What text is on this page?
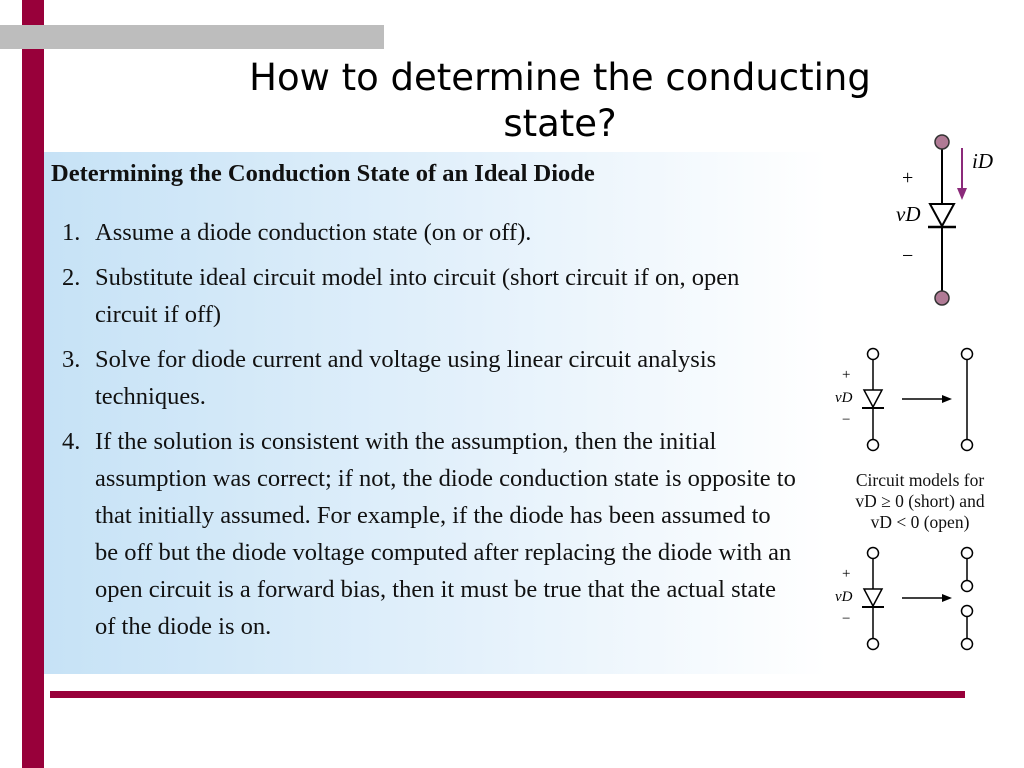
How to determine the conducting state?
Determining the Conduction State of an Ideal Diode
1. Assume a diode conduction state (on or off).
2. Substitute ideal circuit model into circuit (short circuit if on, open
circuit if off)
3. Solve for diode current and voltage using linear circuit analysis
techniques.
4. If the solution is consistent with the assumption, then the initial
assumption was correct; if not, the diode conduction state is opposite to
that initially assumed. For example, if the diode has been assumed to
be off but the diode voltage computed after replacing the diode with an
open circuit is a forward bias, then it must be true that the actual state
of the diode is on.
iD
+
vD
−
+
vD
−
Circuit models for
vD ≥ 0 (short) and
vD < 0 (open)
+
vD
−
